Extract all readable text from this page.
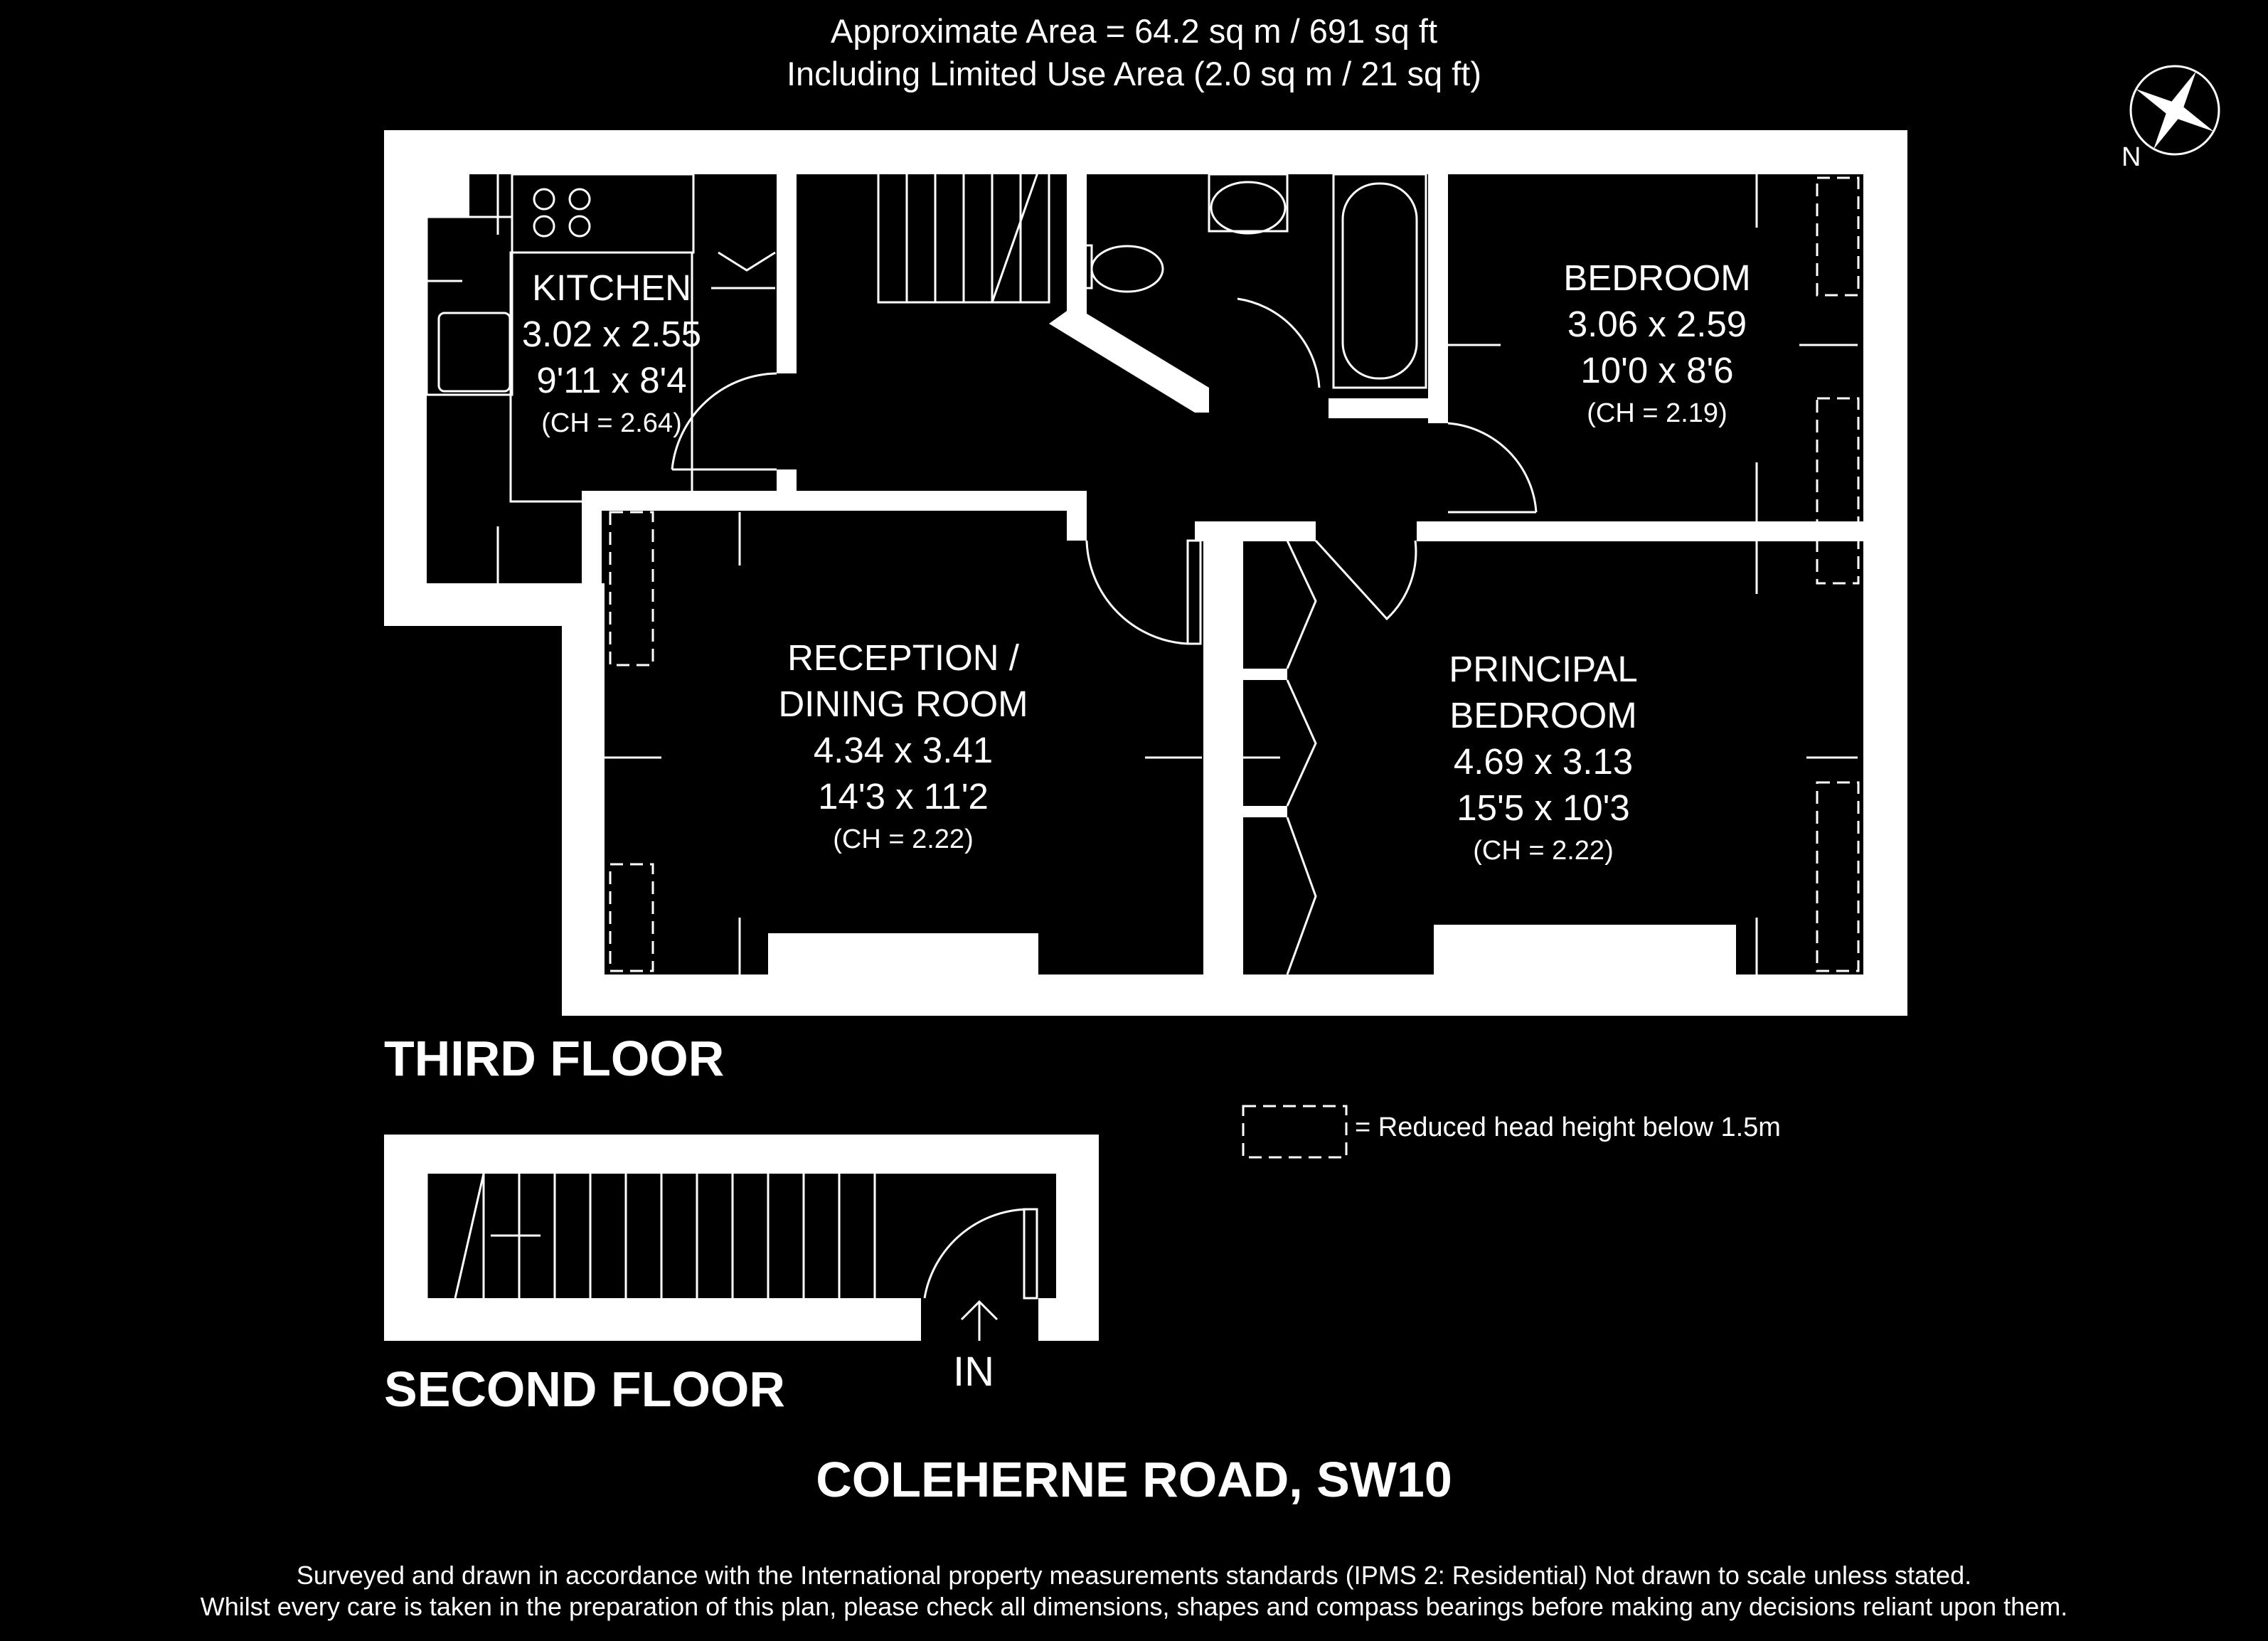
Approximate Area = 64.2 sq m / 691 sq ft
Including Limited Use Area (2.0 sq m / 21 sq ft)
N
KITCHEN
3.02 x 2.55
9'11 x 8'4
(CH = 2.64)
BEDROOM
3.06 x 2.59
10'0 x 8'6
(CH = 2.19)
RECEPTION /
DINING ROOM
4.34 x 3.41
14'3 x 11'2
(CH = 2.22)
PRINCIPAL
BEDROOM
4.69 x 3.13
15'5 x 10'3
(CH = 2.22)
THIRD FLOOR
SECOND FLOOR	IN
= Reduced head height below 1.5m
COLEHERNE ROAD, SW10
Surveyed and drawn in accordance with the International property measurements standards (IPMS 2: Residential) Not drawn to scale unless stated.
Whilst every care is taken in the preparation of this plan, please check all dimensions, shapes and compass bearings before making any decisions reliant upon them.
